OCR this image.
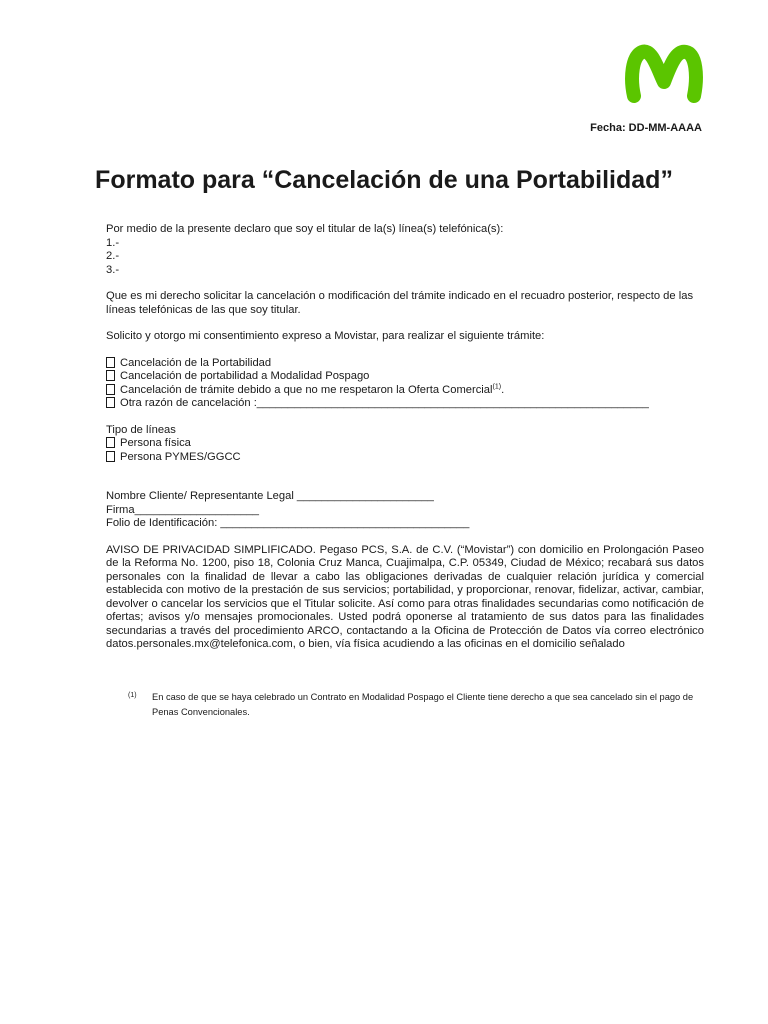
Fecha: DD-MM-AAAA
Formato para “Cancelación de una Portabilidad”

Por medio de la presente declaro que soy el titular de la(s) línea(s) telefónica(s):

1.-

2.-

3.-

Que es mi derecho solicitar la cancelación o modificación del trámite indicado en el recuadro posterior, respecto de las líneas telefónicas de las que soy titular.

Solicito y otorgo mi consentimiento expreso a Movistar, para realizar el siguiente trámite:

Cancelación de la Portabilidad

Cancelación de portabilidad a Modalidad Pospago

Cancelación de trámite debido a que no me respetaron la Oferta Comercial$^{(1)}$.

Otra razón de cancelación :_______________________________________________________________

Tipo de líneas

Persona física

Persona PYMES/GGCC

Nombre Cliente/ Representante Legal ______________________

Firma____________________

Folio de Identificación: ________________________________________

AVISO DE PRIVACIDAD SIMPLIFICADO. Pegaso PCS, S.A. de C.V. (“Movistar”) con domicilio en Prolongación Paseo de la Reforma No. 1200, piso 18, Colonia Cruz Manca, Cuajimalpa, C.P. 05349, Ciudad de México; recabará sus datos personales con la finalidad de llevar a cabo las obligaciones derivadas de cualquier relación jurídica y comercial establecida con motivo de la prestación de sus servicios; portabilidad, y proporcionar, renovar, fidelizar, activar, cambiar, devolver o cancelar los servicios que el Titular solicite. Así como para otras finalidades secundarias como notificación de ofertas; avisos y/o mensajes promocionales. Usted podrá oponerse al tratamiento de sus datos para las finalidades secundarias a través del procedimiento ARCO, contactando a la Oficina de Protección de Datos vía correo electrónico datos.personales.mx@telefonica.com, o bien, vía física acudiendo a las oficinas en el domicilio señalado

(1)	En caso de que se haya celebrado un Contrato en Modalidad Pospago el Cliente tiene derecho a que sea cancelado sin el pago de Penas Convencionales.
